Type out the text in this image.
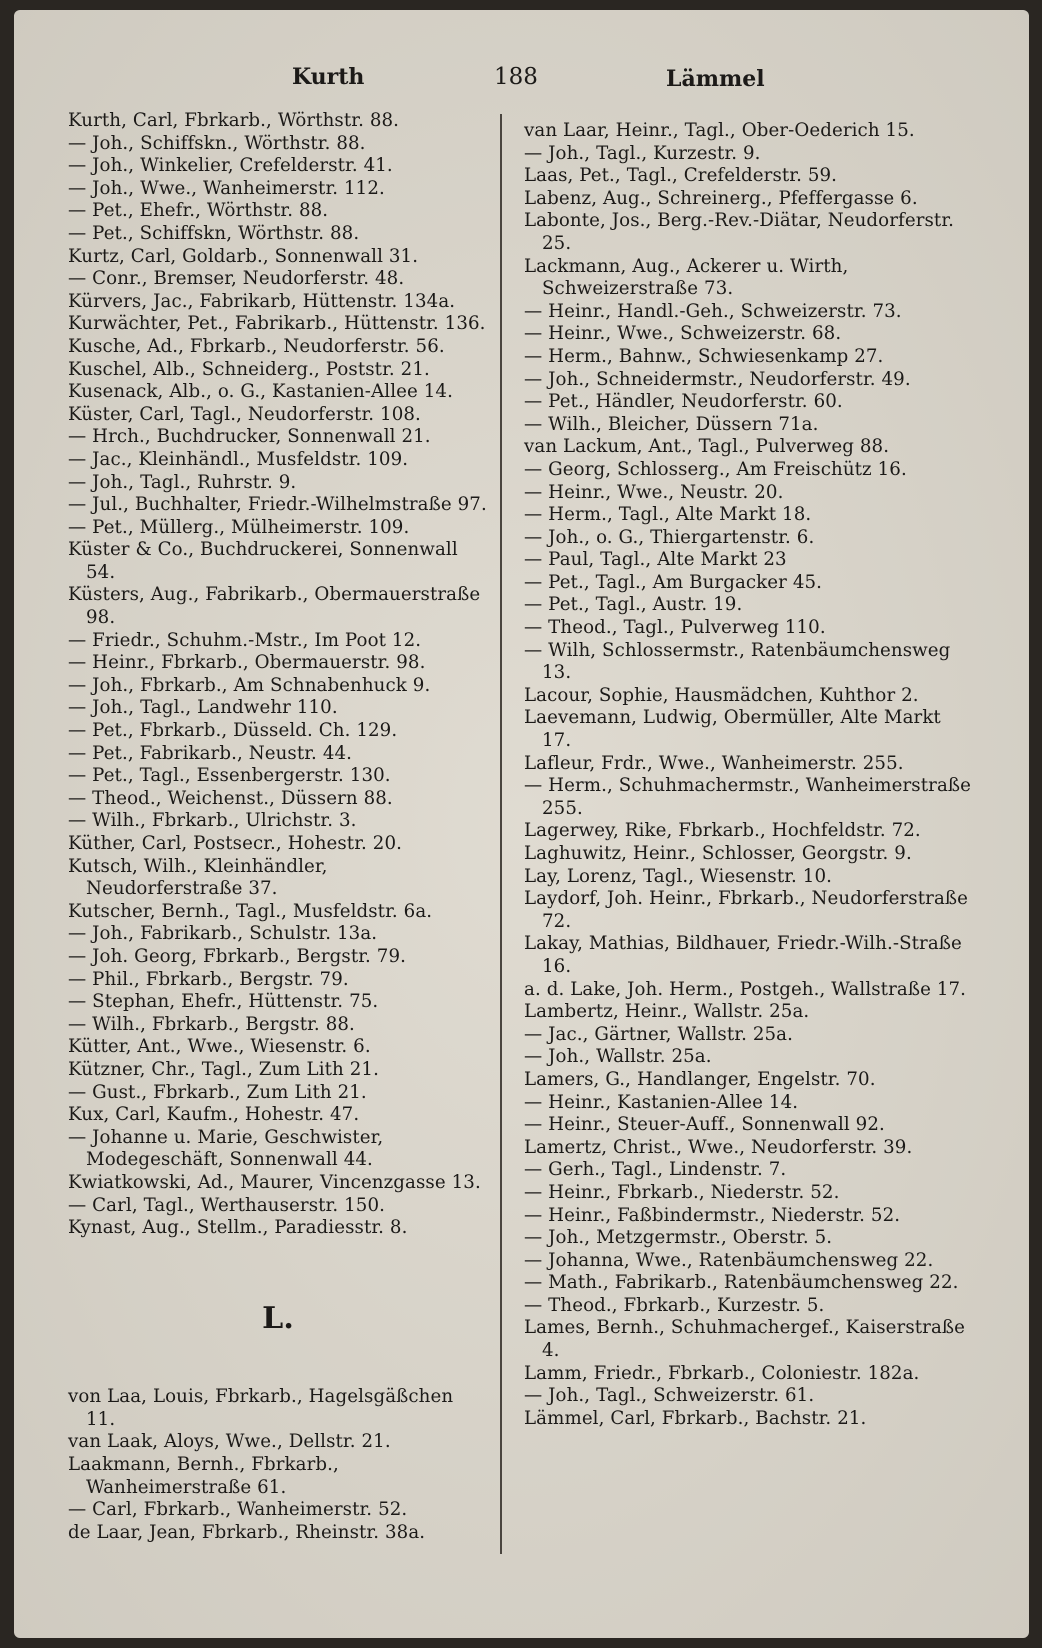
Kurth	188	Lämmel

Kurth, Carl, Fbrkarb., Wörthstr. 88.

— Joh., Schiffskn., Wörthstr. 88.

— Joh., Winkelier, Crefelderstr. 41.

— Joh., Wwe., Wanheimerstr. 112.

— Pet., Ehefr., Wörthstr. 88.

— Pet., Schiffskn, Wörthstr. 88.

Kurtz, Carl, Goldarb., Sonnenwall 31.

— Conr., Bremser, Neudorferstr. 48.

Kürvers, Jac., Fabrikarb, Hüttenstr. 134a.

Kurwächter, Pet., Fabrikarb., Hüttenstr. 136.

Kusche, Ad., Fbrkarb., Neudorferstr. 56.

Kuschel, Alb., Schneiderg., Poststr. 21.

Kusenack, Alb., o. G., Kastanien-Allee 14.

Küster, Carl, Tagl., Neudorferstr. 108.

— Hrch., Buchdrucker, Sonnenwall 21.

— Jac., Kleinhändl., Musfeldstr. 109.

— Joh., Tagl., Ruhrstr. 9.

— Jul., Buchhalter, Friedr.-Wilhelmstraße 97.

— Pet., Müllerg., Mülheimerstr. 109.

Küster & Co., Buchdruckerei, Sonnenwall 54.

Küsters, Aug., Fabrikarb., Obermauerstraße 98.

— Friedr., Schuhm.-Mstr., Im Poot 12.

— Heinr., Fbrkarb., Obermauerstr. 98.

— Joh., Fbrkarb., Am Schnabenhuck 9.

— Joh., Tagl., Landwehr 110.

— Pet., Fbrkarb., Düsseld. Ch. 129.

— Pet., Fabrikarb., Neustr. 44.

— Pet., Tagl., Essenbergerstr. 130.

— Theod., Weichenst., Düssern 88.

— Wilh., Fbrkarb., Ulrichstr. 3.

Küther, Carl, Postsecr., Hohestr. 20.

Kutsch, Wilh., Kleinhändler, Neudorferstraße 37.

Kutscher, Bernh., Tagl., Musfeldstr. 6a.

— Joh., Fabrikarb., Schulstr. 13a.

— Joh. Georg, Fbrkarb., Bergstr. 79.

— Phil., Fbrkarb., Bergstr. 79.

— Stephan, Ehefr., Hüttenstr. 75.

— Wilh., Fbrkarb., Bergstr. 88.

Kütter, Ant., Wwe., Wiesenstr. 6.

Kützner, Chr., Tagl., Zum Lith 21.

— Gust., Fbrkarb., Zum Lith 21.

Kux, Carl, Kaufm., Hohestr. 47.

— Johanne u. Marie, Geschwister, Modegeschäft, Sonnenwall 44.

Kwiatkowski, Ad., Maurer, Vincenzgasse 13.

— Carl, Tagl., Werthauserstr. 150.

Kynast, Aug., Stellm., Paradiesstr. 8.

L.

von Laa, Louis, Fbrkarb., Hagelsgäßchen 11.

van Laak, Aloys, Wwe., Dellstr. 21.

Laakmann, Bernh., Fbrkarb., Wanheimerstraße 61.

— Carl, Fbrkarb., Wanheimerstr. 52.

de Laar, Jean, Fbrkarb., Rheinstr. 38a.

van Laar, Heinr., Tagl., Ober-Oederich 15.

— Joh., Tagl., Kurzestr. 9.

Laas, Pet., Tagl., Crefelderstr. 59.

Labenz, Aug., Schreinerg., Pfeffergasse 6.

Labonte, Jos., Berg.-Rev.-Diätar, Neudorferstr. 25.

Lackmann, Aug., Ackerer u. Wirth, Schweizerstraße 73.

— Heinr., Handl.-Geh., Schweizerstr. 73.

— Heinr., Wwe., Schweizerstr. 68.

— Herm., Bahnw., Schwiesenkamp 27.

— Joh., Schneidermstr., Neudorferstr. 49.

— Pet., Händler, Neudorferstr. 60.

— Wilh., Bleicher, Düssern 71a.

van Lackum, Ant., Tagl., Pulverweg 88.

— Georg, Schlosserg., Am Freischütz 16.

— Heinr., Wwe., Neustr. 20.

— Herm., Tagl., Alte Markt 18.

— Joh., o. G., Thiergartenstr. 6.

— Paul, Tagl., Alte Markt 23

— Pet., Tagl., Am Burgacker 45.

— Pet., Tagl., Austr. 19.

— Theod., Tagl., Pulverweg 110.

— Wilh, Schlossermstr., Ratenbäumchensweg 13.

Lacour, Sophie, Hausmädchen, Kuhthor 2.

Laevemann, Ludwig, Obermüller, Alte Markt 17.

Lafleur, Frdr., Wwe., Wanheimerstr. 255.

— Herm., Schuhmachermstr., Wanheimerstraße 255.

Lagerwey, Rike, Fbrkarb., Hochfeldstr. 72.

Laghuwitz, Heinr., Schlosser, Georgstr. 9.

Lay, Lorenz, Tagl., Wiesenstr. 10.

Laydorf, Joh. Heinr., Fbrkarb., Neudorferstraße 72.

Lakay, Mathias, Bildhauer, Friedr.-Wilh.-Straße 16.

a. d. Lake, Joh. Herm., Postgeh., Wallstraße 17.

Lambertz, Heinr., Wallstr. 25a.

— Jac., Gärtner, Wallstr. 25a.

— Joh., Wallstr. 25a.

Lamers, G., Handlanger, Engelstr. 70.

— Heinr., Kastanien-Allee 14.

— Heinr., Steuer-Auff., Sonnenwall 92.

Lamertz, Christ., Wwe., Neudorferstr. 39.

— Gerh., Tagl., Lindenstr. 7.

— Heinr., Fbrkarb., Niederstr. 52.

— Heinr., Faßbindermstr., Niederstr. 52.

— Joh., Metzgermstr., Oberstr. 5.

— Johanna, Wwe., Ratenbäumchensweg 22.

— Math., Fabrikarb., Ratenbäumchensweg 22.

— Theod., Fbrkarb., Kurzestr. 5.

Lames, Bernh., Schuhmachergef., Kaiserstraße 4.

Lamm, Friedr., Fbrkarb., Coloniestr. 182a.

— Joh., Tagl., Schweizerstr. 61.

Lämmel, Carl, Fbrkarb., Bachstr. 21.
